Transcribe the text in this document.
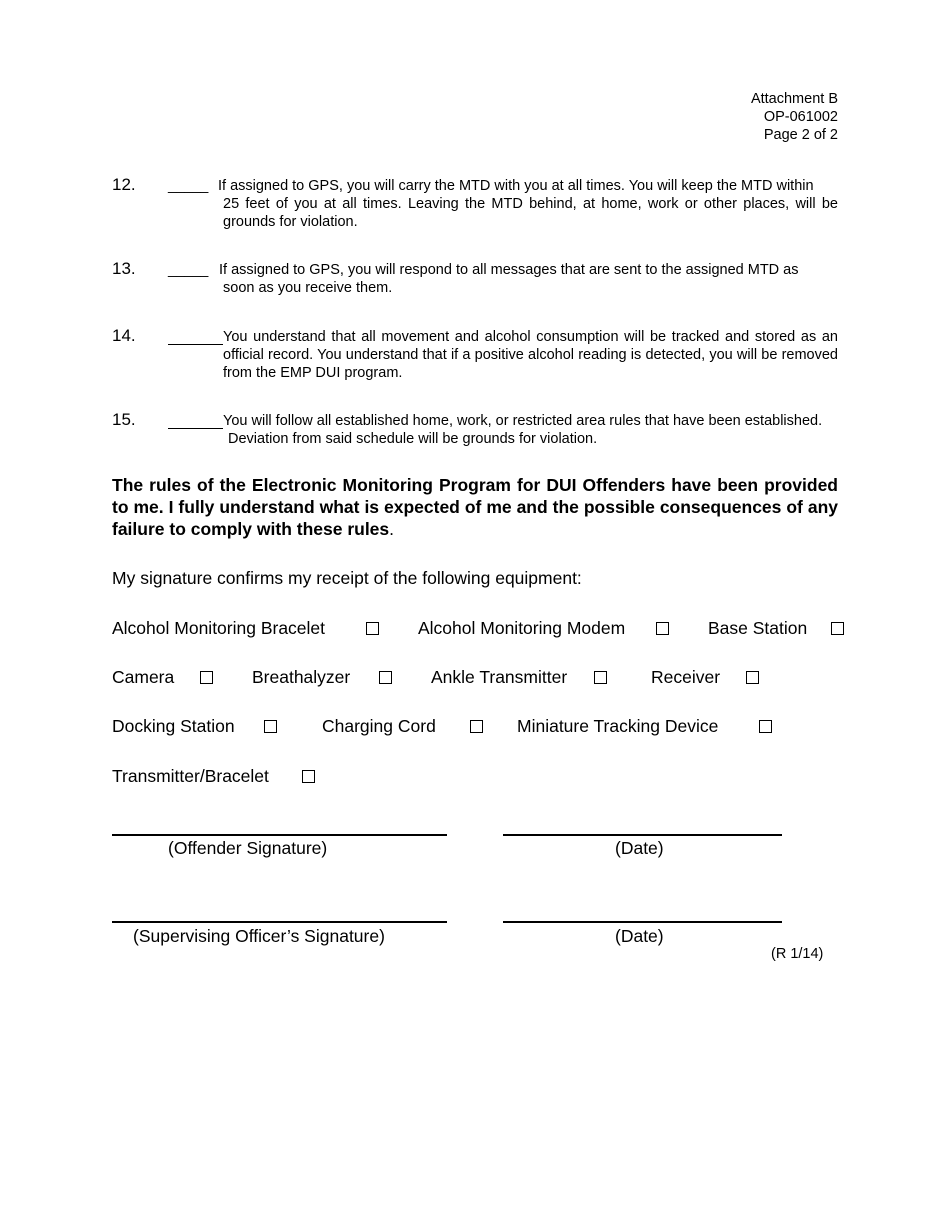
Attachment B
OP-061002
Page 2 of 2
12. _____ If assigned to GPS, you will carry the MTD with you at all times. You will keep the MTD within
25 feet of you at all times. Leaving the MTD behind, at home, work or other places, will be grounds for violation.
13. _____ If assigned to GPS, you will respond to all messages that are sent to the assigned MTD as
soon as you receive them.
14.	You understand that all movement and alcohol consumption will be tracked and stored as an official record. You understand that if a positive alcohol reading is detected, you will be removed from the EMP DUI program.
15.	You will follow all established home, work, or restricted area rules that have been established.
Deviation from said schedule will be grounds for violation.
The rules of the Electronic Monitoring Program for DUI Offenders have been provided to me. I fully understand what is expected of me and the possible consequences of any failure to comply with these rules.
My signature confirms my receipt of the following equipment:
Alcohol Monitoring Bracelet	Alcohol Monitoring Modem	Base Station
Camera	Breathalyzer	Ankle Transmitter	Receiver
Docking Station	Charging Cord	Miniature Tracking Device
Transmitter/Bracelet
(Offender Signature)	(Date)
(Supervising Officer’s Signature)	(Date)
(R 1/14)
